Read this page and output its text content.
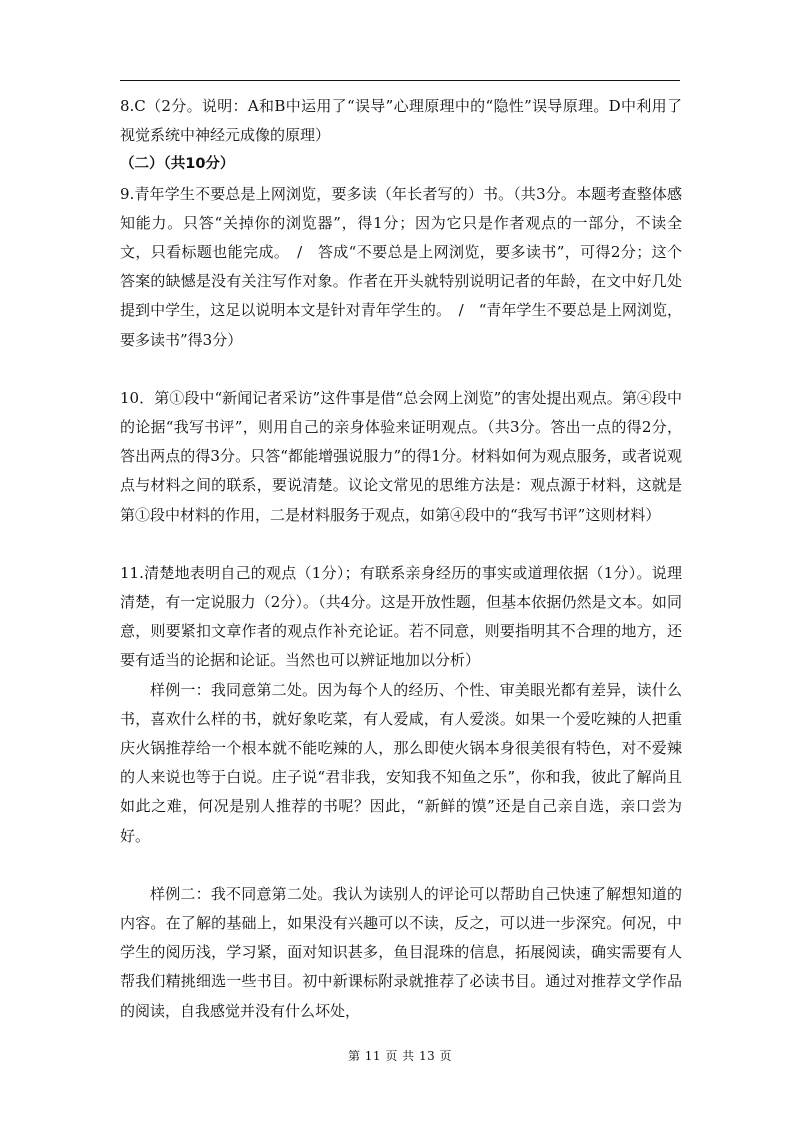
8.C（2分。说明：A和B中运用了“误导”心理原理中的“隐性”误导原理。D中利用了视觉系统中神经元成像的原理）

（二）（共10分）

9.青年学生不要总是上网浏览，要多读（年长者写的）书。（共3分。本题考查整体感知能力。只答“关掉你的浏览器”，得1分；因为它只是作者观点的一部分，不读全文，只看标题也能完成。　/　答成“不要总是上网浏览，要多读书”，可得2分；这个答案的缺憾是没有关注写作对象。作者在开头就特别说明记者的年龄，在文中好几处提到中学生，这足以说明本文是针对青年学生的。　/　“青年学生不要总是上网浏览，要多读书”得3分）

10．第①段中“新闻记者采访”这件事是借“总会网上浏览”的害处提出观点。第④段中的论据“我写书评”，则用自己的亲身体验来证明观点。（共3分。答出一点的得2分，答出两点的得3分。只答“都能增强说服力”的得1分。材料如何为观点服务，或者说观点与材料之间的联系，要说清楚。议论文常见的思维方法是：观点源于材料，这就是第①段中材料的作用，二是材料服务于观点，如第④段中的“我写书评”这则材料）

11.清楚地表明自己的观点（1分）；有联系亲身经历的事实或道理依据（1分）。说理清楚，有一定说服力（2分）。（共4分。这是开放性题，但基本依据仍然是文本。如同意，则要紧扣文章作者的观点作补充论证。若不同意，则要指明其不合理的地方，还要有适当的论据和论证。当然也可以辨证地加以分析）

样例一：我同意第二处。因为每个人的经历、个性、审美眼光都有差异，读什么书，喜欢什么样的书，就好象吃菜，有人爱咸，有人爱淡。如果一个爱吃辣的人把重庆火锅推荐给一个根本就不能吃辣的人，那么即使火锅本身很美很有特色，对不爱辣的人来说也等于白说。庄子说“君非我，安知我不知鱼之乐”，你和我，彼此了解尚且如此之难，何况是别人推荐的书呢？因此，“新鲜的馍”还是自己亲自选，亲口尝为好。

样例二：我不同意第二处。我认为读别人的评论可以帮助自己快速了解想知道的内容。在了解的基础上，如果没有兴趣可以不读，反之，可以进一步深究。何况，中学生的阅历浅，学习紧，面对知识甚多，鱼目混珠的信息，拓展阅读，确实需要有人帮我们精挑细选一些书目。初中新课标附录就推荐了必读书目。通过对推荐文学作品的阅读，自我感觉并没有什么坏处，

第 11 页 共 13 页
